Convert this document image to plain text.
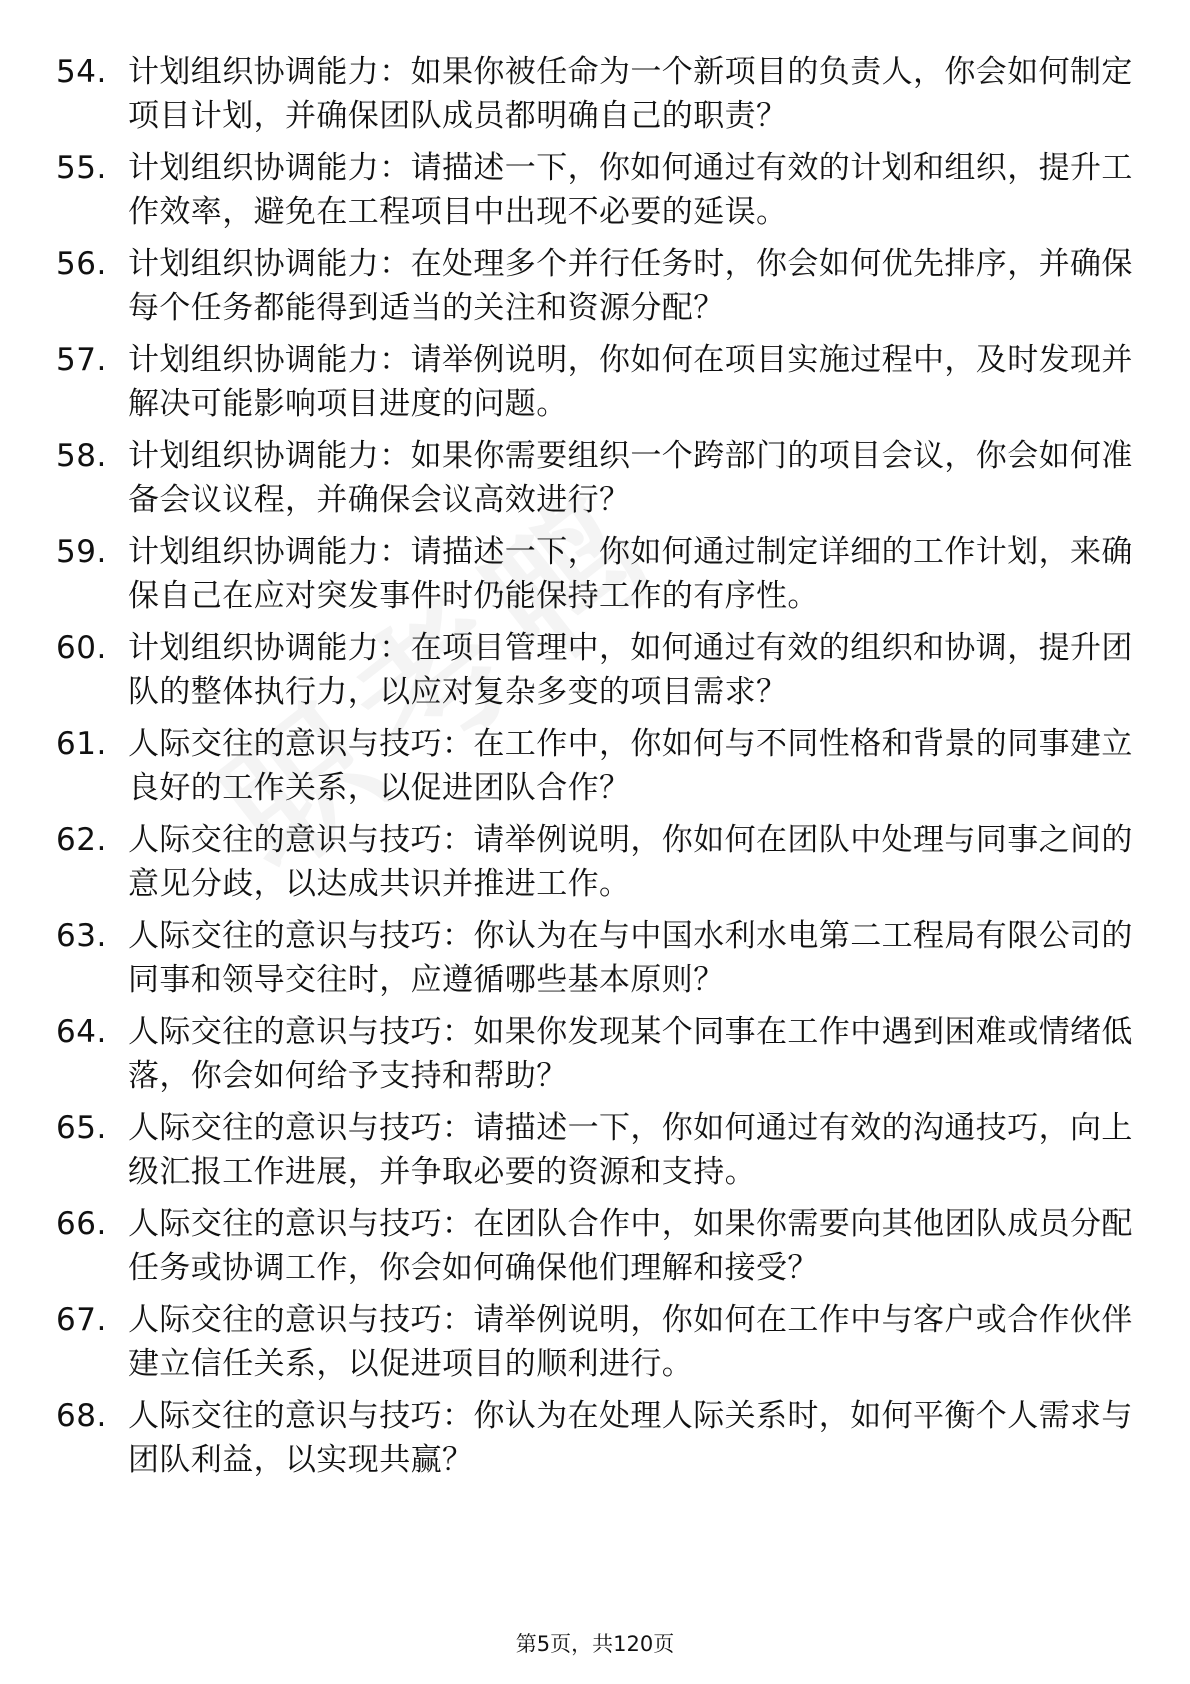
54. 计划组织协调能力：如果你被任命为一个新项目的负责人，你会如何制定项目计划，并确保团队成员都明确自己的职责？
55. 计划组织协调能力：请描述一下，你如何通过有效的计划和组织，提升工作效率，避免在工程项目中出现不必要的延误。
56. 计划组织协调能力：在处理多个并行任务时，你会如何优先排序，并确保每个任务都能得到适当的关注和资源分配？
57. 计划组织协调能力：请举例说明，你如何在项目实施过程中，及时发现并解决可能影响项目进度的问题。
58. 计划组织协调能力：如果你需要组织一个跨部门的项目会议，你会如何准备会议议程，并确保会议高效进行？
59. 计划组织协调能力：请描述一下，你如何通过制定详细的工作计划，来确保自己在应对突发事件时仍能保持工作的有序性。
60. 计划组织协调能力：在项目管理中，如何通过有效的组织和协调，提升团队的整体执行力，以应对复杂多变的项目需求？
61. 人际交往的意识与技巧：在工作中，你如何与不同性格和背景的同事建立良好的工作关系，以促进团队合作？
62. 人际交往的意识与技巧：请举例说明，你如何在团队中处理与同事之间的意见分歧，以达成共识并推进工作。
63. 人际交往的意识与技巧：你认为在与中国水利水电第二工程局有限公司的同事和领导交往时，应遵循哪些基本原则？
64. 人际交往的意识与技巧：如果你发现某个同事在工作中遇到困难或情绪低落，你会如何给予支持和帮助？
65. 人际交往的意识与技巧：请描述一下，你如何通过有效的沟通技巧，向上级汇报工作进展，并争取必要的资源和支持。
66. 人际交往的意识与技巧：在团队合作中，如果你需要向其他团队成员分配任务或协调工作，你会如何确保他们理解和接受？
67. 人际交往的意识与技巧：请举例说明，你如何在工作中与客户或合作伙伴建立信任关系，以促进项目的顺利进行。
68. 人际交往的意识与技巧：你认为在处理人际关系时，如何平衡个人需求与团队利益，以实现共赢？
第5页，共120页
